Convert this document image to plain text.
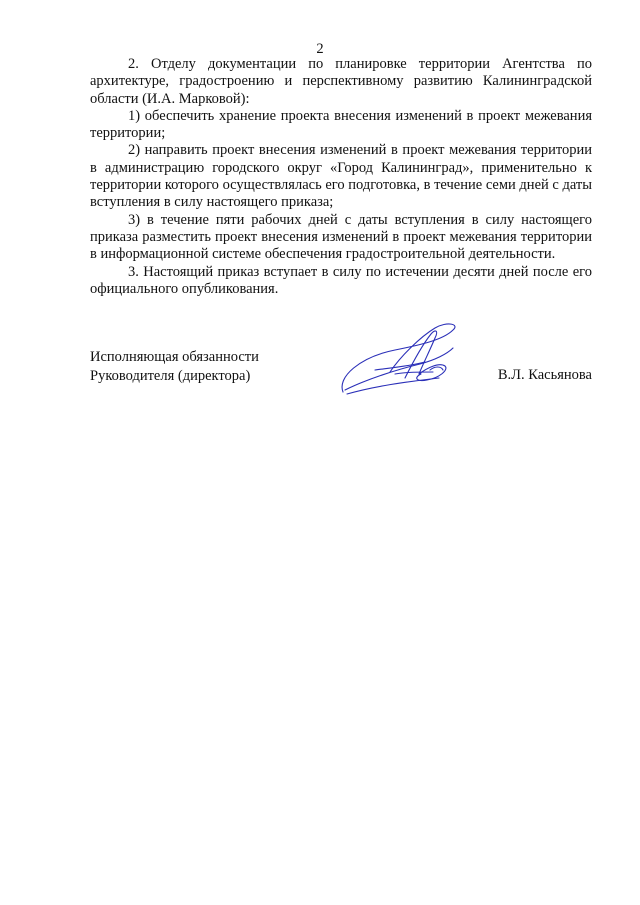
2

2. Отделу документации по планировке территории Агентства по архитектуре, градостроению и перспективному развитию Калининградской области (И.А. Марковой):

1) обеспечить хранение проекта внесения изменений в проект межевания территории;

2) направить проект внесения изменений в проект межевания территории в администрацию городского округ «Город Калининград», применительно к территории которого осуществлялась его подготовка, в течение семи дней с даты вступления в силу настоящего приказа;

3) в течение пяти рабочих дней с даты вступления в силу настоящего приказа разместить проект внесения изменений в проект межевания территории в информационной системе обеспечения градостроительной деятельности.

3. Настоящий приказ вступает в силу по истечении десяти дней после его официального опубликования.

Исполняющая обязанности
Руководителя (директора)	В.Л. Касьянова
